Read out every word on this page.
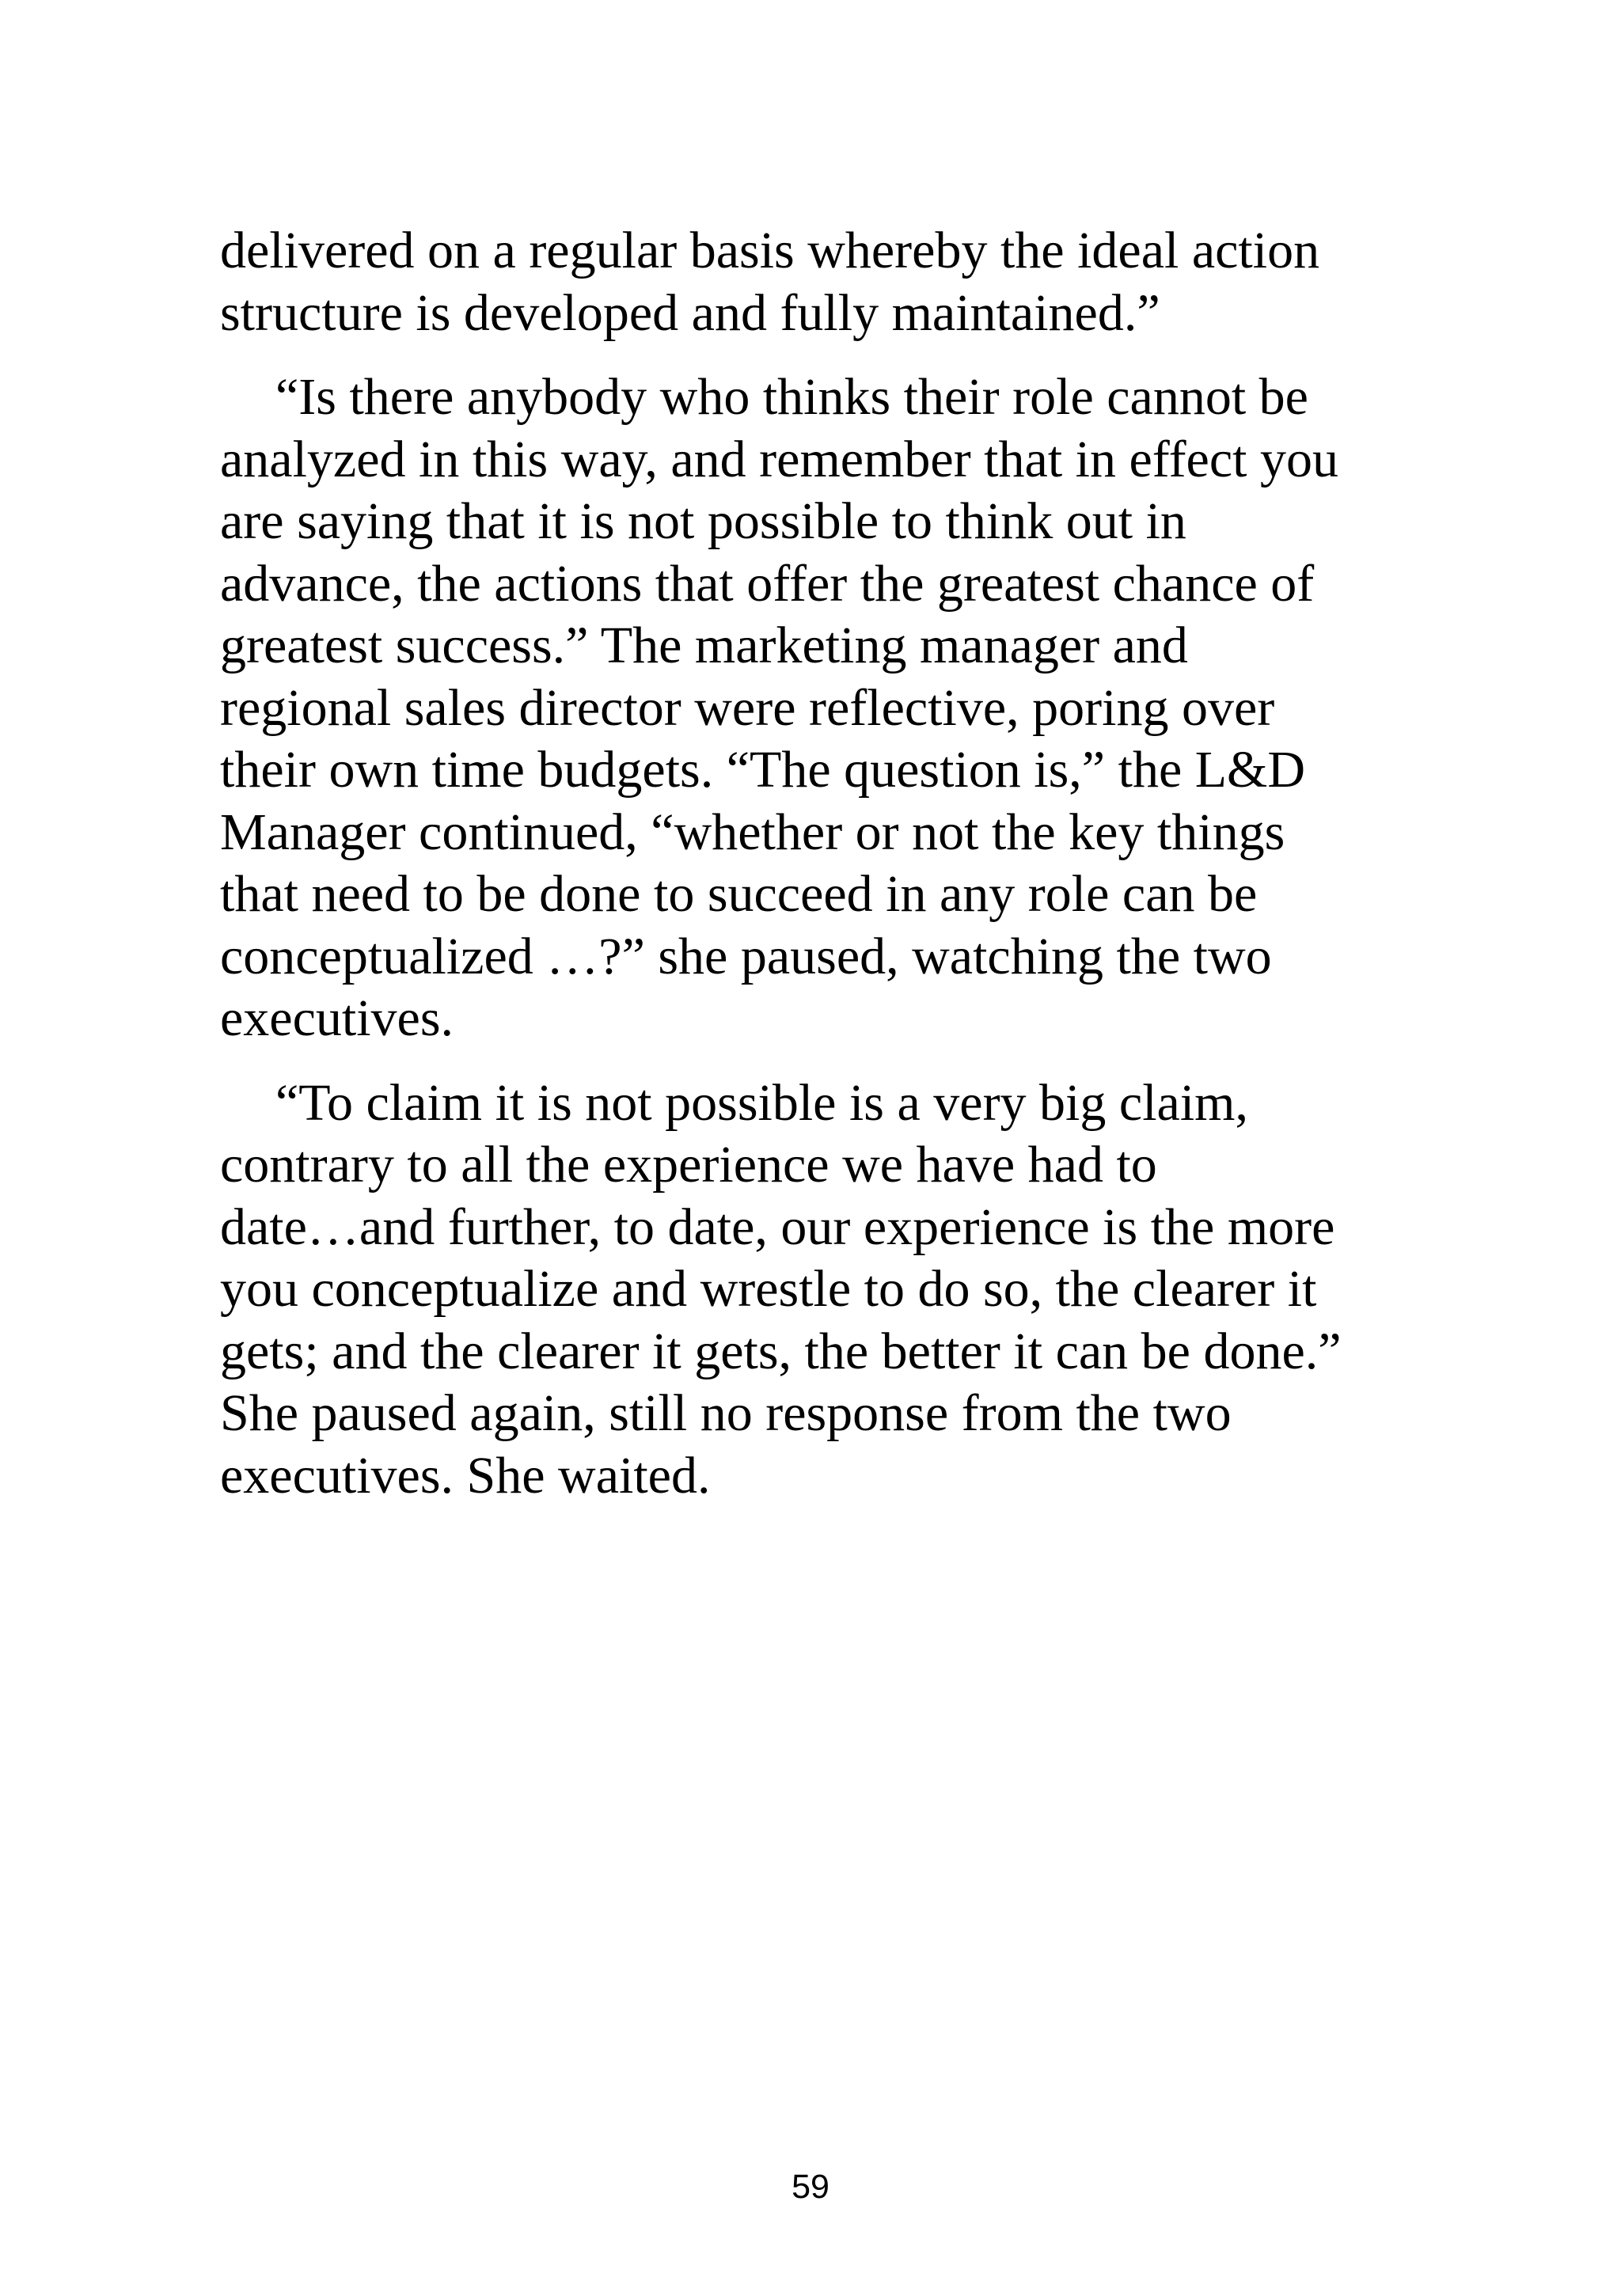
delivered on a regular basis whereby the ideal action
structure is developed and fully maintained.”

“Is there anybody who thinks their role cannot be
analyzed in this way, and remember that in effect you
are saying that it is not possible to think out in
advance, the actions that offer the greatest chance of
greatest success.” The marketing manager and
regional sales director were reflective, poring over
their own time budgets. “The question is,” the L&D
Manager continued, “whether or not the key things
that need to be done to succeed in any role can be
conceptualized …?” she paused, watching the two
executives.

“To claim it is not possible is a very big claim,
contrary to all the experience we have had to
date…and further, to date, our experience is the more
you conceptualize and wrestle to do so, the clearer it
gets; and the clearer it gets, the better it can be done.”
She paused again, still no response from the two
executives. She waited.

59
